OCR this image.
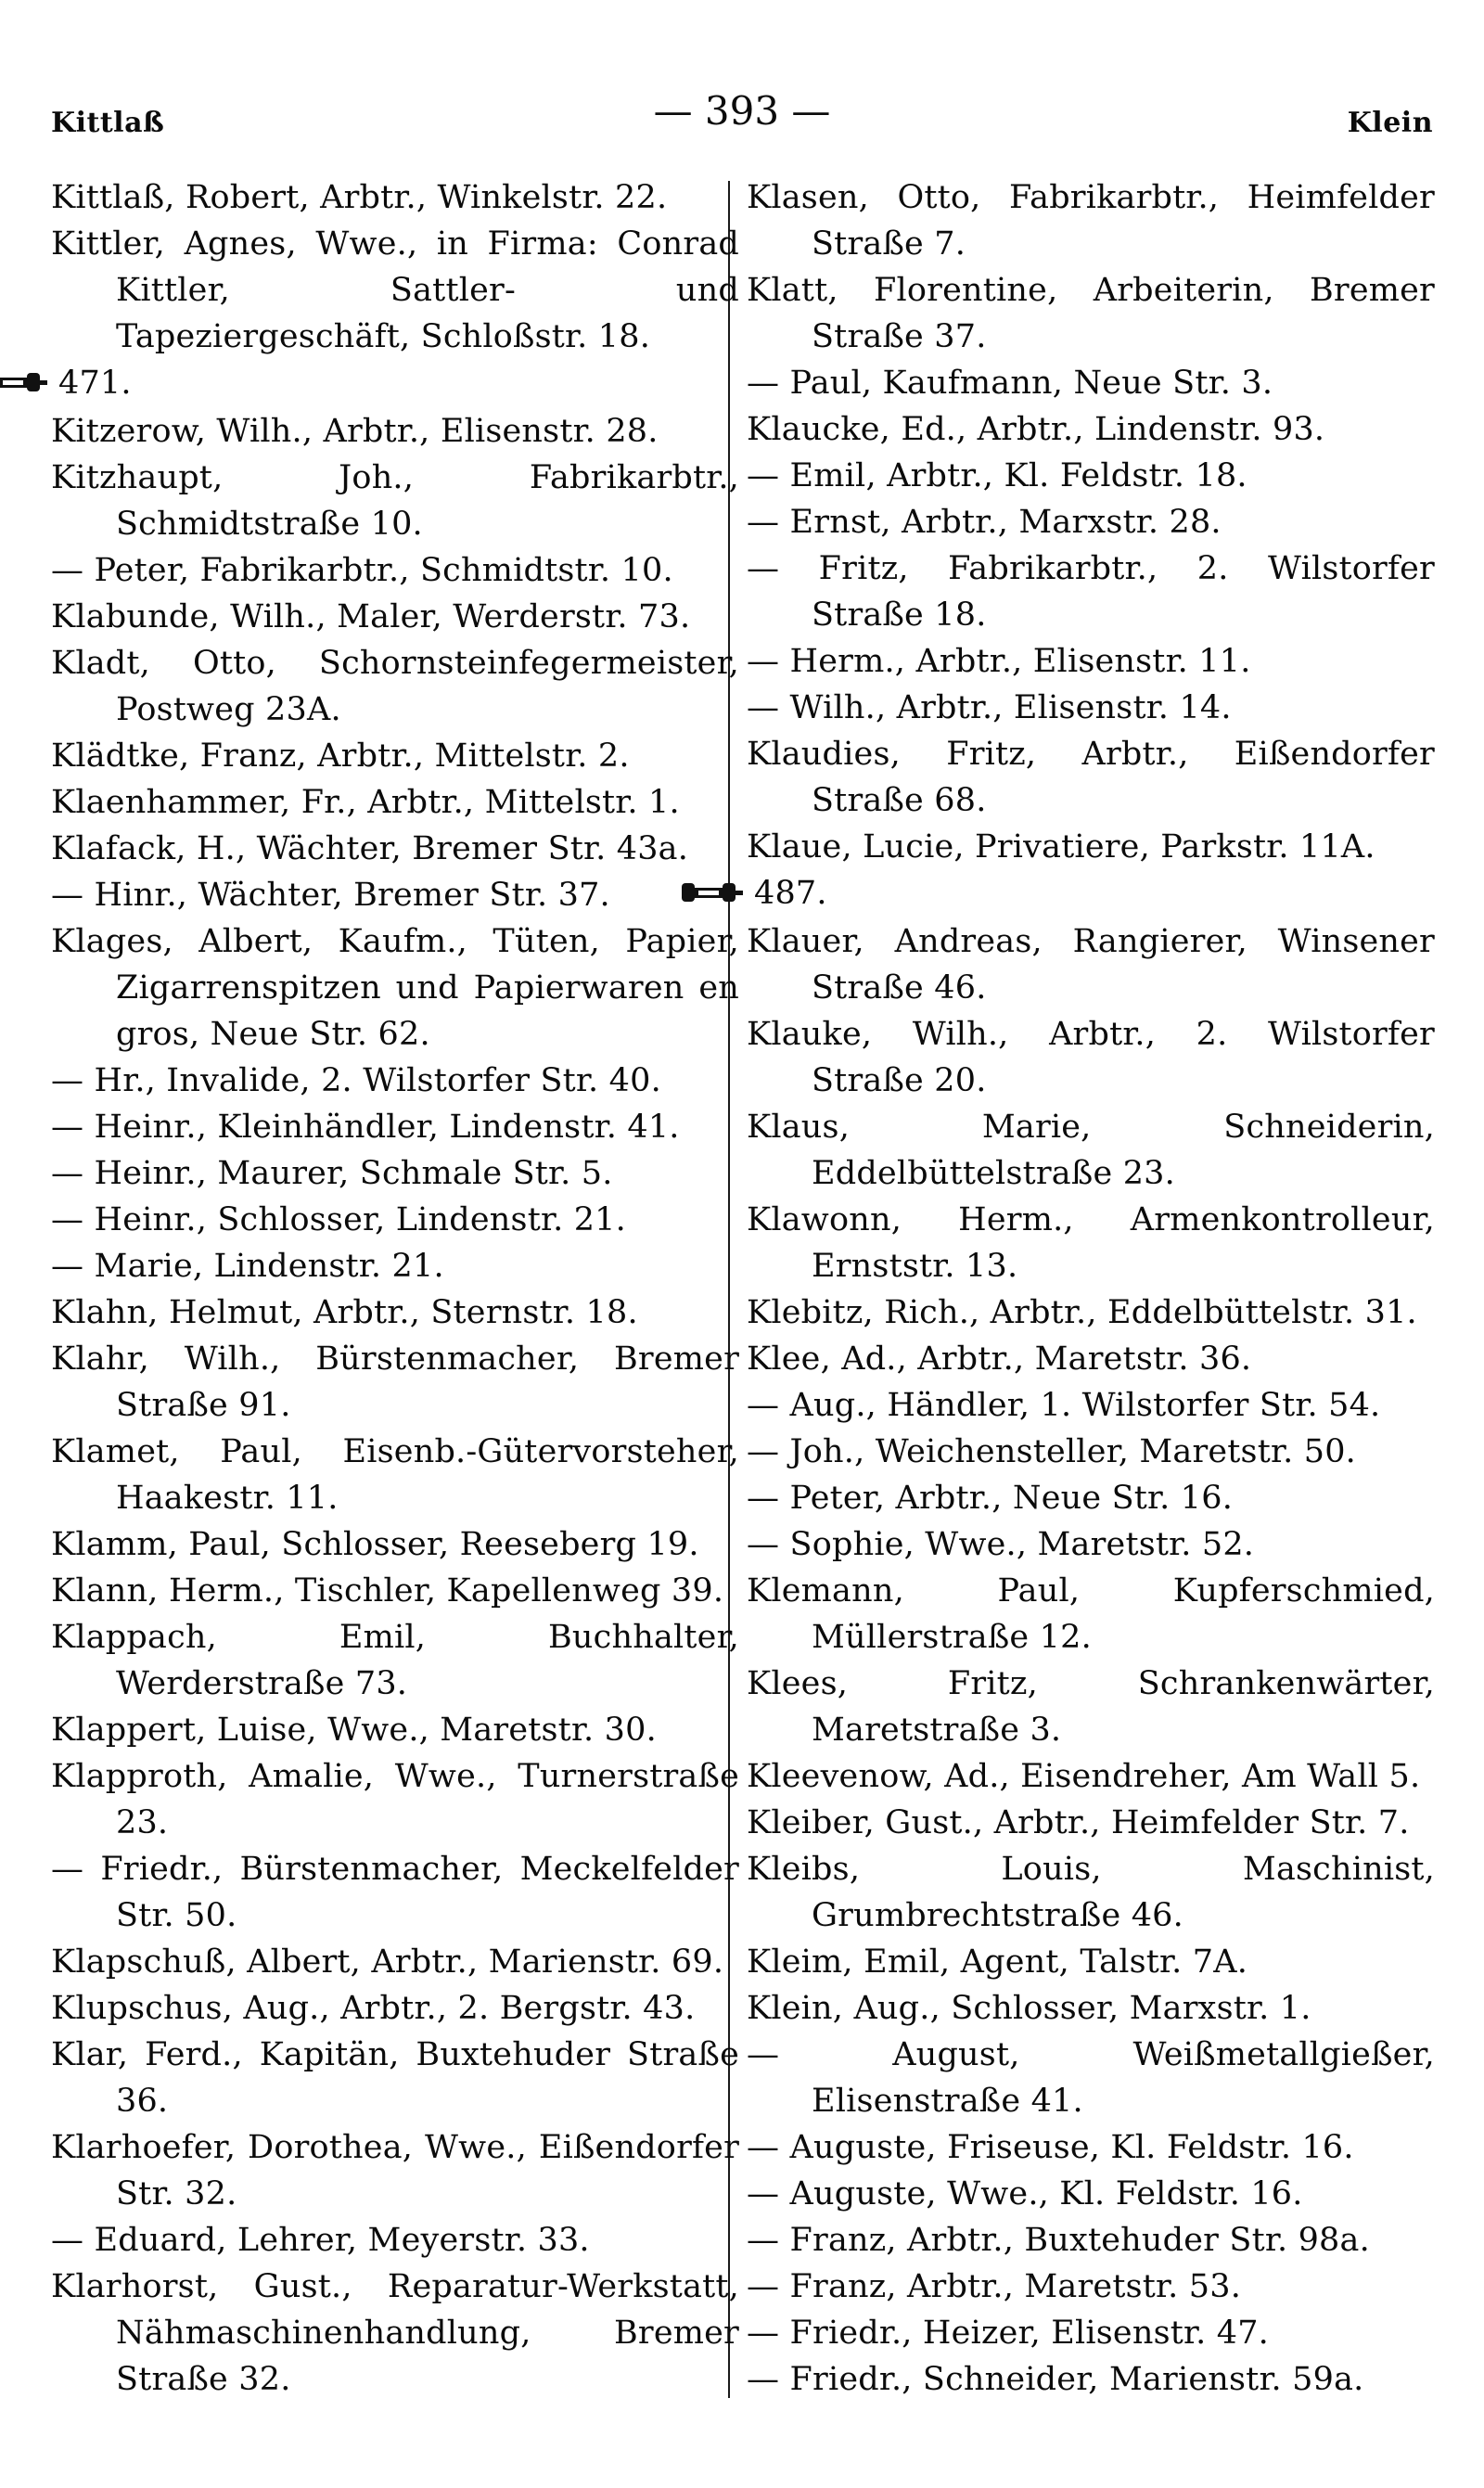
Kittlaß	— 393 —	Klein
Kittlaß, Robert, Arbtr., Winkelstr. 22.
Kittler, Agnes, Wwe., in Firma: Conrad Kittler, Sattler- und Tapeziergeschäft, Schloßstr. 18.
471.
Kitzerow, Wilh., Arbtr., Elisenstr. 28.
Kitzhaupt, Joh., Fabrikarbtr., Schmidtstraße 10.
— Peter, Fabrikarbtr., Schmidtstr. 10.
Klabunde, Wilh., Maler, Werderstr. 73.
Kladt, Otto, Schornsteinfegermeister, Postweg 23A.
Klädtke, Franz, Arbtr., Mittelstr. 2.
Klaenhammer, Fr., Arbtr., Mittelstr. 1.
Klafack, H., Wächter, Bremer Str. 43a.
— Hinr., Wächter, Bremer Str. 37.
Klages, Albert, Kaufm., Tüten, Papier, Zigarrenspitzen und Papierwaren en gros, Neue Str. 62.
— Hr., Invalide, 2. Wilstorfer Str. 40.
— Heinr., Kleinhändler, Lindenstr. 41.
— Heinr., Maurer, Schmale Str. 5.
— Heinr., Schlosser, Lindenstr. 21.
— Marie, Lindenstr. 21.
Klahn, Helmut, Arbtr., Sternstr. 18.
Klahr, Wilh., Bürstenmacher, Bremer Straße 91.
Klamet, Paul, Eisenb.-Gütervorsteher, Haakestr. 11.
Klamm, Paul, Schlosser, Reeseberg 19.
Klann, Herm., Tischler, Kapellenweg 39.
Klappach, Emil, Buchhalter, Werderstraße 73.
Klappert, Luise, Wwe., Maretstr. 30.
Klapproth, Amalie, Wwe., Turnerstraße 23.
— Friedr., Bürstenmacher, Meckelfelder Str. 50.
Klapschuß, Albert, Arbtr., Marienstr. 69.
Klupschus, Aug., Arbtr., 2. Bergstr. 43.
Klar, Ferd., Kapitän, Buxtehuder Straße 36.
Klarhoefer, Dorothea, Wwe., Eißendorfer Str. 32.
— Eduard, Lehrer, Meyerstr. 33.
Klarhorst, Gust., Reparatur-Werkstatt, Nähmaschinenhandlung, Bremer Straße 32.
Klasen, Otto, Fabrikarbtr., Heimfelder Straße 7.
Klatt, Florentine, Arbeiterin, Bremer Straße 37.
— Paul, Kaufmann, Neue Str. 3.
Klaucke, Ed., Arbtr., Lindenstr. 93.
— Emil, Arbtr., Kl. Feldstr. 18.
— Ernst, Arbtr., Marxstr. 28.
— Fritz, Fabrikarbtr., 2. Wilstorfer Straße 18.
— Herm., Arbtr., Elisenstr. 11.
— Wilh., Arbtr., Elisenstr. 14.
Klaudies, Fritz, Arbtr., Eißendorfer Straße 68.
Klaue, Lucie, Privatiere, Parkstr. 11A.
487.
Klauer, Andreas, Rangierer, Winsener Straße 46.
Klauke, Wilh., Arbtr., 2. Wilstorfer Straße 20.
Klaus, Marie, Schneiderin, Eddelbüttelstraße 23.
Klawonn, Herm., Armenkontrolleur, Ernststr. 13.
Klebitz, Rich., Arbtr., Eddelbüttelstr. 31.
Klee, Ad., Arbtr., Maretstr. 36.
— Aug., Händler, 1. Wilstorfer Str. 54.
— Joh., Weichensteller, Maretstr. 50.
— Peter, Arbtr., Neue Str. 16.
— Sophie, Wwe., Maretstr. 52.
Klemann, Paul, Kupferschmied, Müllerstraße 12.
Klees, Fritz, Schrankenwärter, Maretstraße 3.
Kleevenow, Ad., Eisendreher, Am Wall 5.
Kleiber, Gust., Arbtr., Heimfelder Str. 7.
Kleibs, Louis, Maschinist, Grumbrechtstraße 46.
Kleim, Emil, Agent, Talstr. 7A.
Klein, Aug., Schlosser, Marxstr. 1.
— August, Weißmetallgießer, Elisenstraße 41.
— Auguste, Friseuse, Kl. Feldstr. 16.
— Auguste, Wwe., Kl. Feldstr. 16.
— Franz, Arbtr., Buxtehuder Str. 98a.
— Franz, Arbtr., Maretstr. 53.
— Friedr., Heizer, Elisenstr. 47.
— Friedr., Schneider, Marienstr. 59a.
